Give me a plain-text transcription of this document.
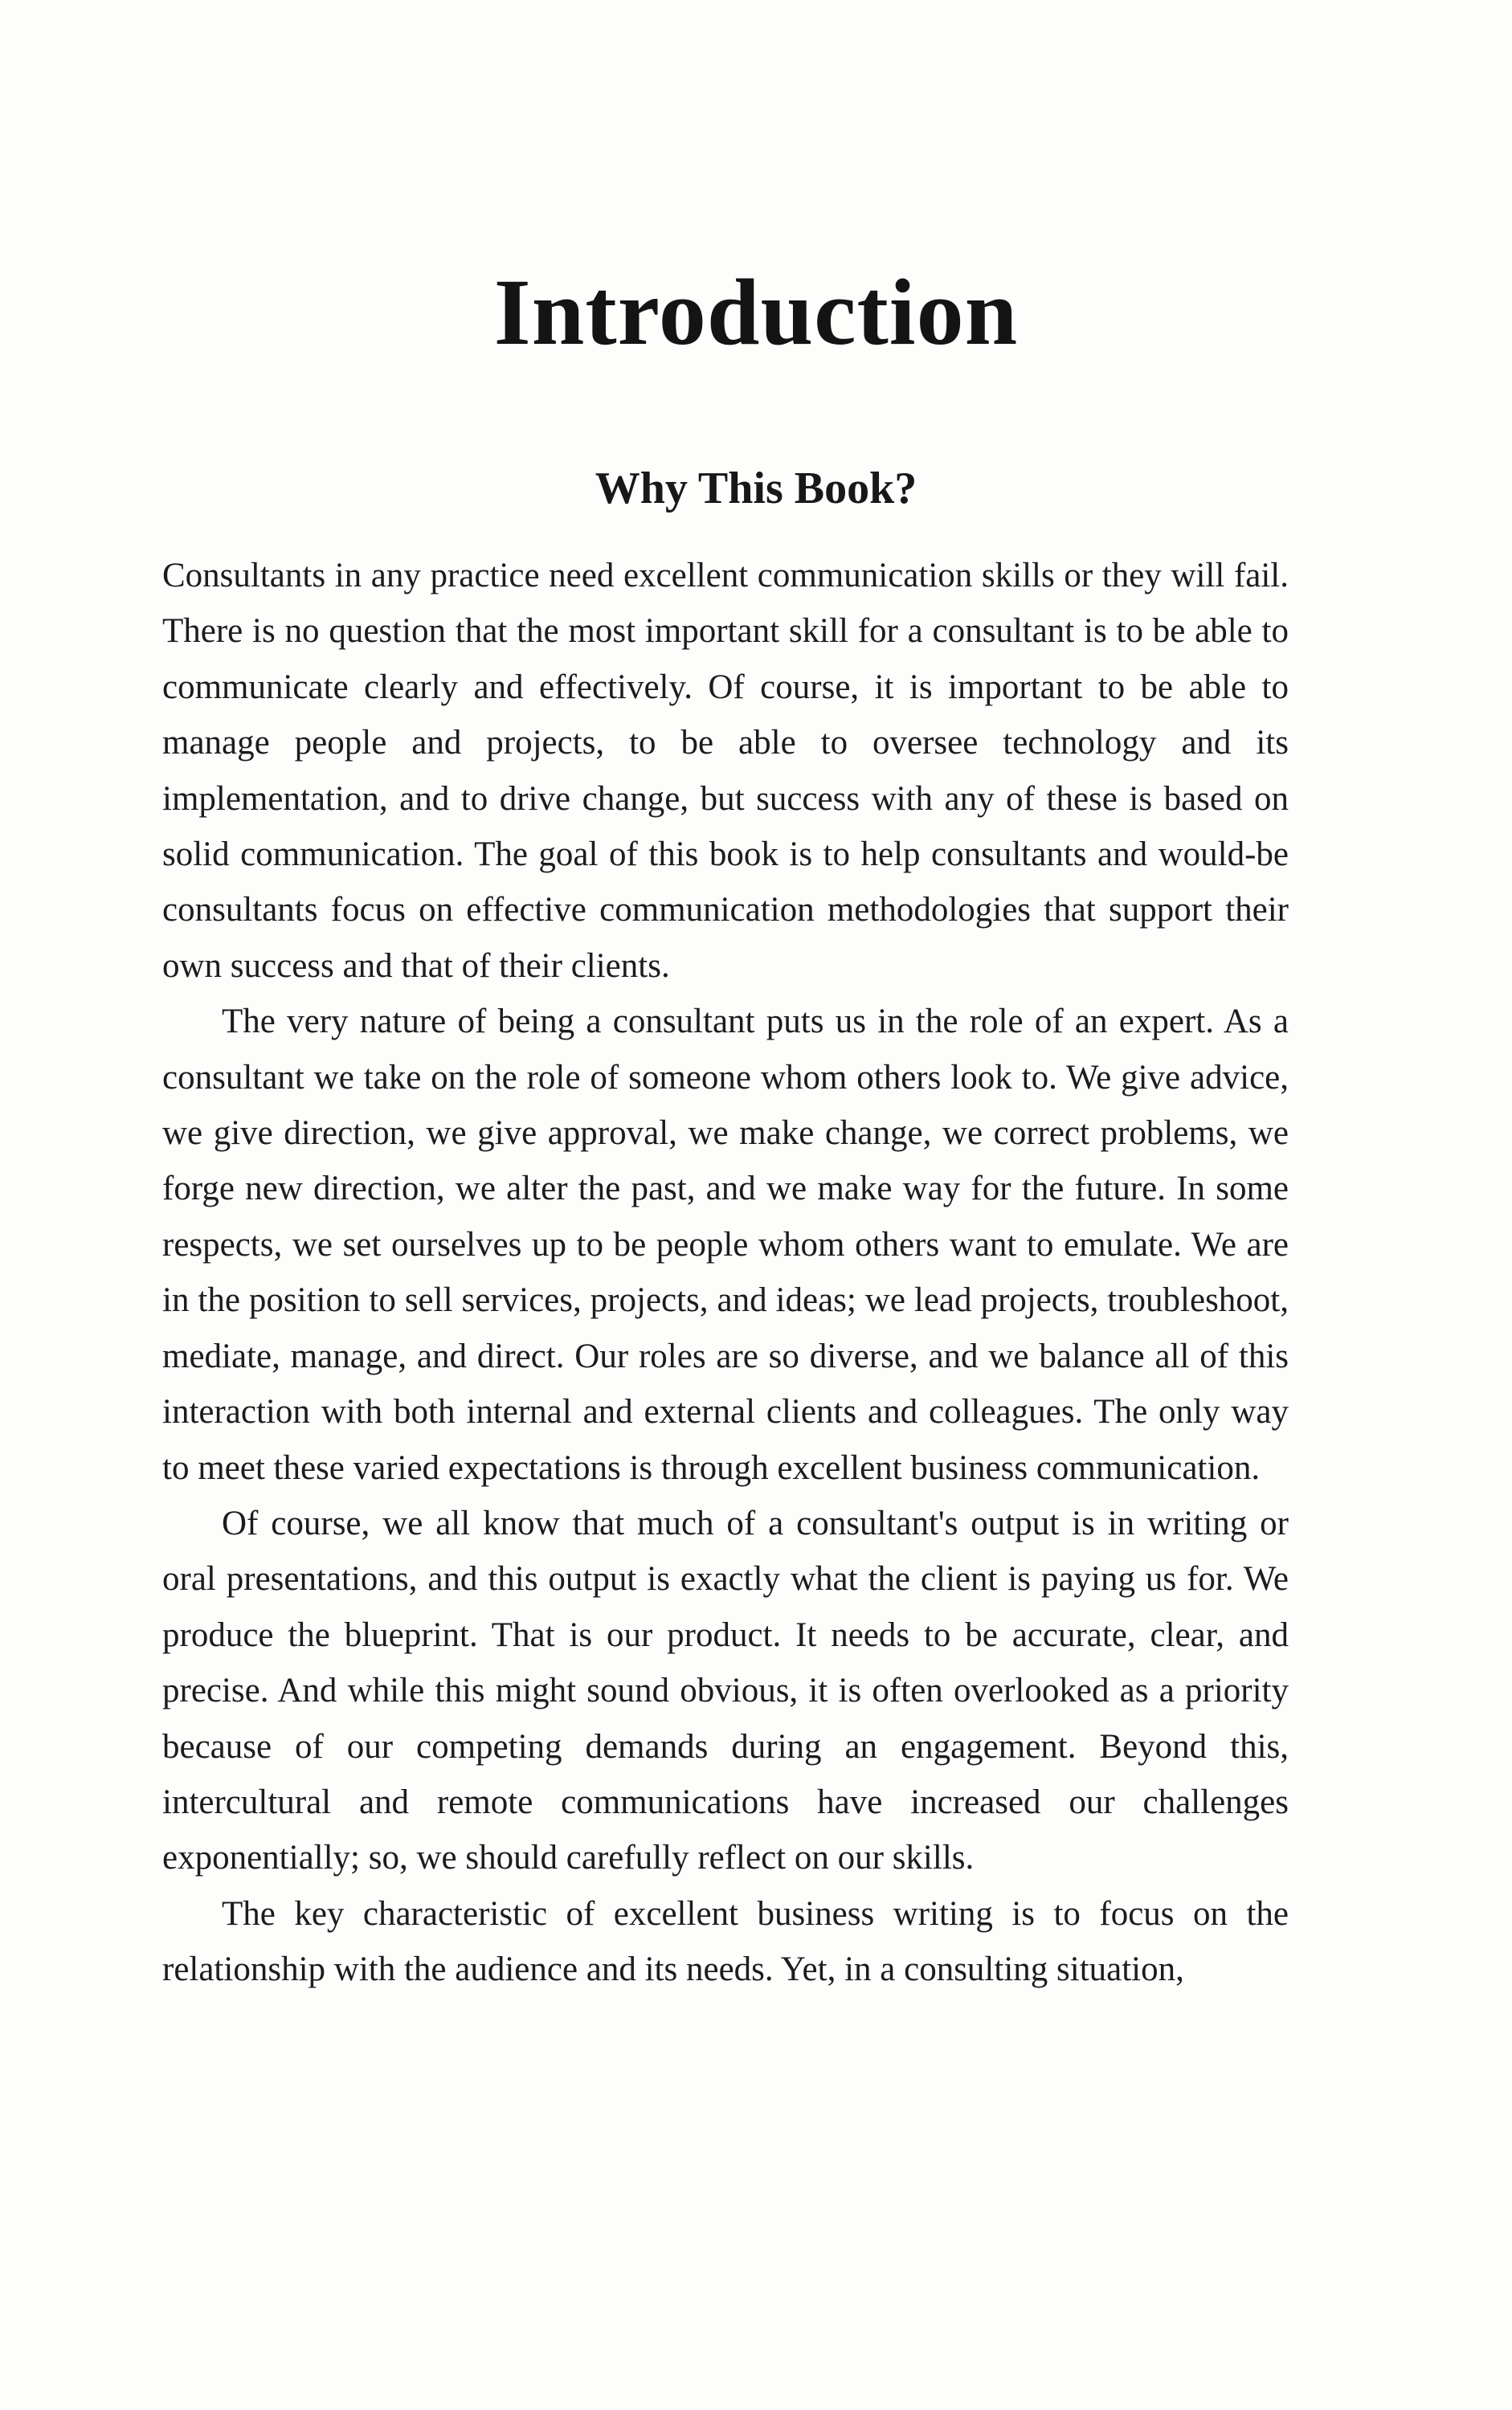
Introduction
Why This Book?

Consultants in any practice need excellent communication skills or they will fail. There is no question that the most important skill for a consultant is to be able to communicate clearly and effectively. Of course, it is important to be able to manage people and projects, to be able to oversee technology and its implementation, and to drive change, but success with any of these is based on solid communication. The goal of this book is to help consultants and would-be consultants focus on effective communication methodologies that support their own success and that of their clients.

The very nature of being a consultant puts us in the role of an expert. As a consultant we take on the role of someone whom others look to. We give advice, we give direction, we give approval, we make change, we correct problems, we forge new direction, we alter the past, and we make way for the future. In some respects, we set ourselves up to be people whom others want to emulate. We are in the position to sell services, projects, and ideas; we lead projects, troubleshoot, mediate, manage, and direct. Our roles are so diverse, and we balance all of this interaction with both internal and external clients and colleagues. The only way to meet these varied expectations is through excellent business communication.

Of course, we all know that much of a consultant's output is in writing or oral presentations, and this output is exactly what the client is paying us for. We produce the blueprint. That is our product. It needs to be accurate, clear, and precise. And while this might sound obvious, it is often overlooked as a priority because of our competing demands during an engagement. Beyond this, intercultural and remote communications have increased our challenges exponentially; so, we should carefully reflect on our skills.

The key characteristic of excellent business writing is to focus on the relationship with the audience and its needs. Yet, in a consulting situation,
